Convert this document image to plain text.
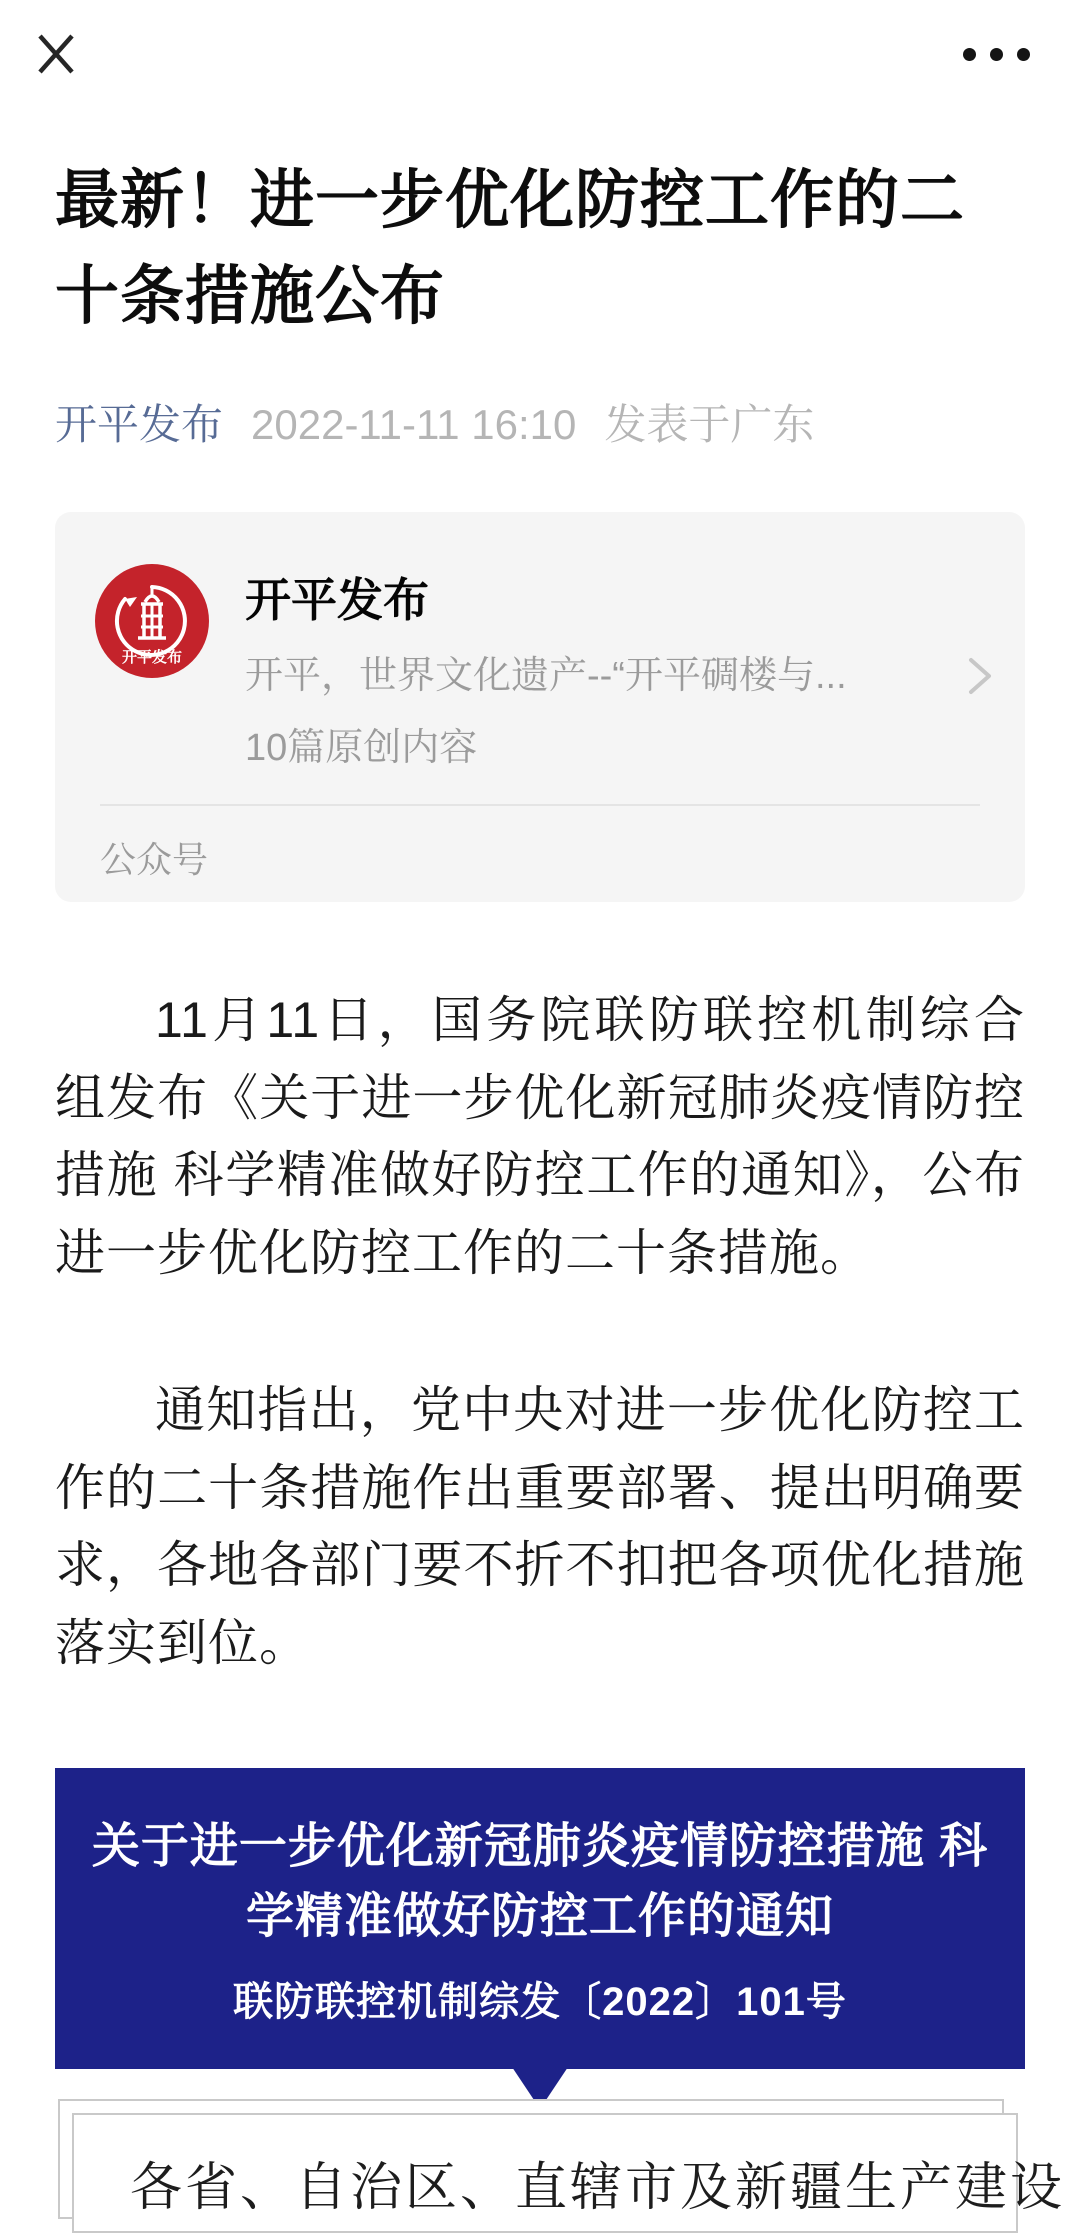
最新！进一步优化防控工作的二十条措施公布
开平发布 2022-11-11 16:10 发表于广东
开平发布
开平发布
开平，世界文化遗产--“开平碉楼与...
10篇原创内容
公众号

11月11日，国务院联防联控机制综合组发布《关于进一步优化新冠肺炎疫情防控措施 科学精准做好防控工作的通知》，公布进一步优化防控工作的二十条措施。

通知指出，党中央对进一步优化防控工作的二十条措施作出重要部署、提出明确要求，各地各部门要不折不扣把各项优化措施落实到位。

关于进一步优化新冠肺炎疫情防控措施 科学精准做好防控工作的通知
联防联控机制综发〔2022〕101号
各省、自治区、直辖市及新疆生产建设
